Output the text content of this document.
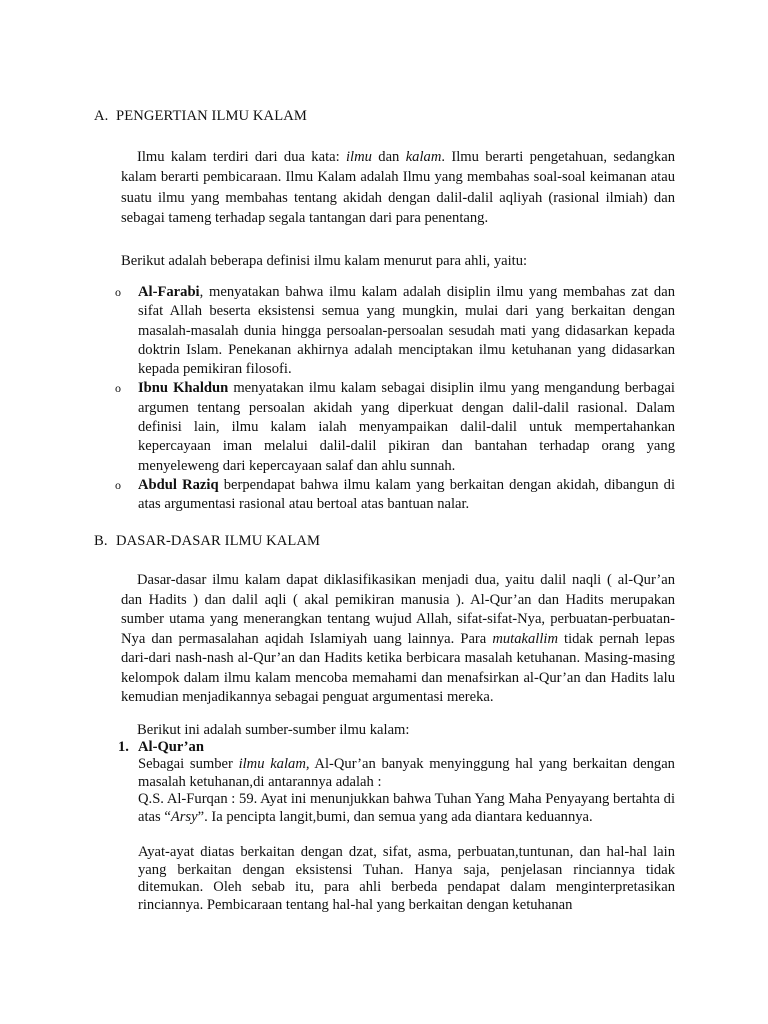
A. PENGERTIAN ILMU KALAM

Ilmu kalam terdiri dari dua kata: ilmu dan kalam. Ilmu berarti pengetahuan, sedangkan kalam berarti pembicaraan. Ilmu Kalam adalah Ilmu yang membahas soal-soal keimanan atau suatu ilmu yang membahas tentang akidah dengan dalil-dalil aqliyah (rasional ilmiah) dan sebagai tameng terhadap segala tantangan dari para penentang.

Berikut adalah beberapa definisi ilmu kalam menurut para ahli, yaitu:

o Al-Farabi, menyatakan bahwa ilmu kalam adalah disiplin ilmu yang membahas zat dan sifat Allah beserta eksistensi semua yang mungkin, mulai dari yang berkaitan dengan masalah-masalah dunia hingga persoalan-persoalan sesudah mati yang didasarkan kepada doktrin Islam. Penekanan akhirnya adalah menciptakan ilmu ketuhanan yang didasarkan kepada pemikiran filosofi.
o Ibnu Khaldun menyatakan ilmu kalam sebagai disiplin ilmu yang mengandung berbagai argumen tentang persoalan akidah yang diperkuat dengan dalil-dalil rasional. Dalam definisi lain, ilmu kalam ialah menyampaikan dalil-dalil untuk mempertahankan kepercayaan iman melalui dalil-dalil pikiran dan bantahan terhadap orang yang menyeleweng dari kepercayaan salaf dan ahlu sunnah.
o Abdul Raziq berpendapat bahwa ilmu kalam yang berkaitan dengan akidah, dibangun di atas argumentasi rasional atau bertoal atas bantuan nalar.
B. DASAR-DASAR ILMU KALAM

Dasar-dasar ilmu kalam dapat diklasifikasikan menjadi dua, yaitu dalil naqli ( al-Qur’an dan Hadits ) dan dalil aqli ( akal pemikiran manusia ). Al-Qur’an dan Hadits merupakan sumber utama yang menerangkan tentang wujud Allah, sifat-sifat-Nya, perbuatan-perbuatan-Nya dan permasalahan aqidah Islamiyah uang lainnya. Para mutakallim tidak pernah lepas dari-dari nash-nash al-Qur’an dan Hadits ketika berbicara masalah ketuhanan. Masing-masing kelompok dalam ilmu kalam mencoba memahami dan menafsirkan al-Qur’an dan Hadits lalu kemudian menjadikannya sebagai penguat argumentasi mereka.

Berikut ini adalah sumber-sumber ilmu kalam:

1. Al-Qur’an

Sebagai sumber ilmu kalam, Al-Qur’an banyak menyinggung hal yang berkaitan dengan masalah ketuhanan,di antarannya adalah :

Q.S. Al-Furqan : 59. Ayat ini menunjukkan bahwa Tuhan Yang Maha Penyayang bertahta di atas “Arsy”. Ia pencipta langit,bumi, dan semua yang ada diantara keduannya.

Ayat-ayat diatas berkaitan dengan dzat, sifat, asma, perbuatan,tuntunan, dan hal-hal lain yang berkaitan dengan eksistensi Tuhan. Hanya saja, penjelasan rinciannya tidak ditemukan. Oleh sebab itu, para ahli berbeda pendapat dalam menginterpretasikan rinciannya. Pembicaraan tentang hal-hal yang berkaitan dengan ketuhanan
